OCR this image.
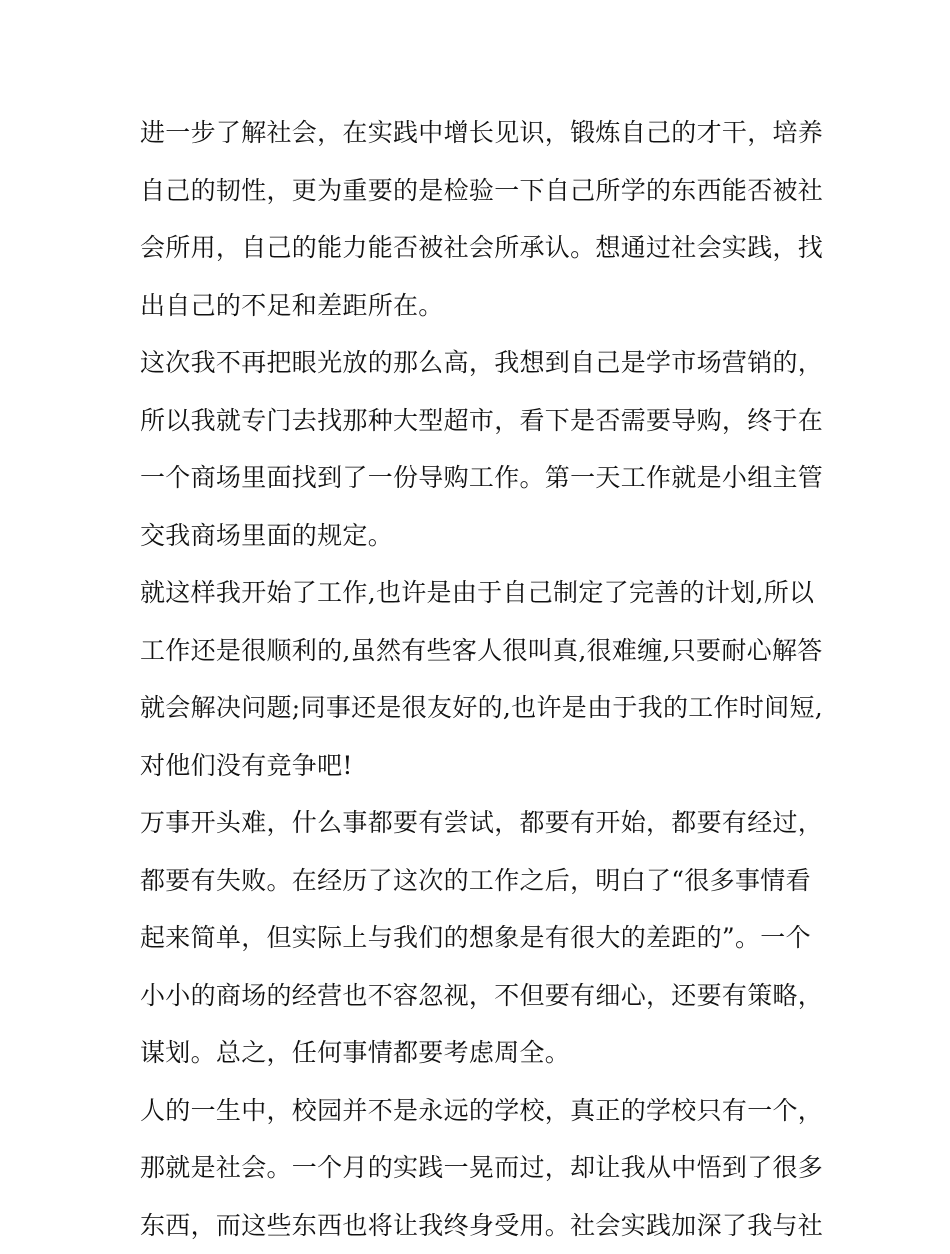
进一步了解社会，在实践中增长见识，锻炼自己的才干，培养
自己的韧性，更为重要的是检验一下自己所学的东西能否被社
会所用，自己的能力能否被社会所承认。想通过社会实践，找
出自己的不足和差距所在。
这次我不再把眼光放的那么高，我想到自己是学市场营销的，
所以我就专门去找那种大型超市，看下是否需要导购，终于在
一个商场里面找到了一份导购工作。第一天工作就是小组主管
交我商场里面的规定。
就这样我开始了工作,也许是由于自己制定了完善的计划,所以
工作还是很顺利的,虽然有些客人很叫真,很难缠,只要耐心解答
就会解决问题;同事还是很友好的,也许是由于我的工作时间短,
对他们没有竞争吧!
万事开头难，什么事都要有尝试，都要有开始，都要有经过，
都要有失败。在经历了这次的工作之后，明白了“很多事情看
起来简单，但实际上与我们的想象是有很大的差距的”。一个
小小的商场的经营也不容忽视，不但要有细心，还要有策略，
谋划。总之，任何事情都要考虑周全。
人的一生中，校园并不是永远的学校，真正的学校只有一个，
那就是社会。一个月的实践一晃而过，却让我从中悟到了很多
东西，而这些东西也将让我终身受用。社会实践加深了我与社
